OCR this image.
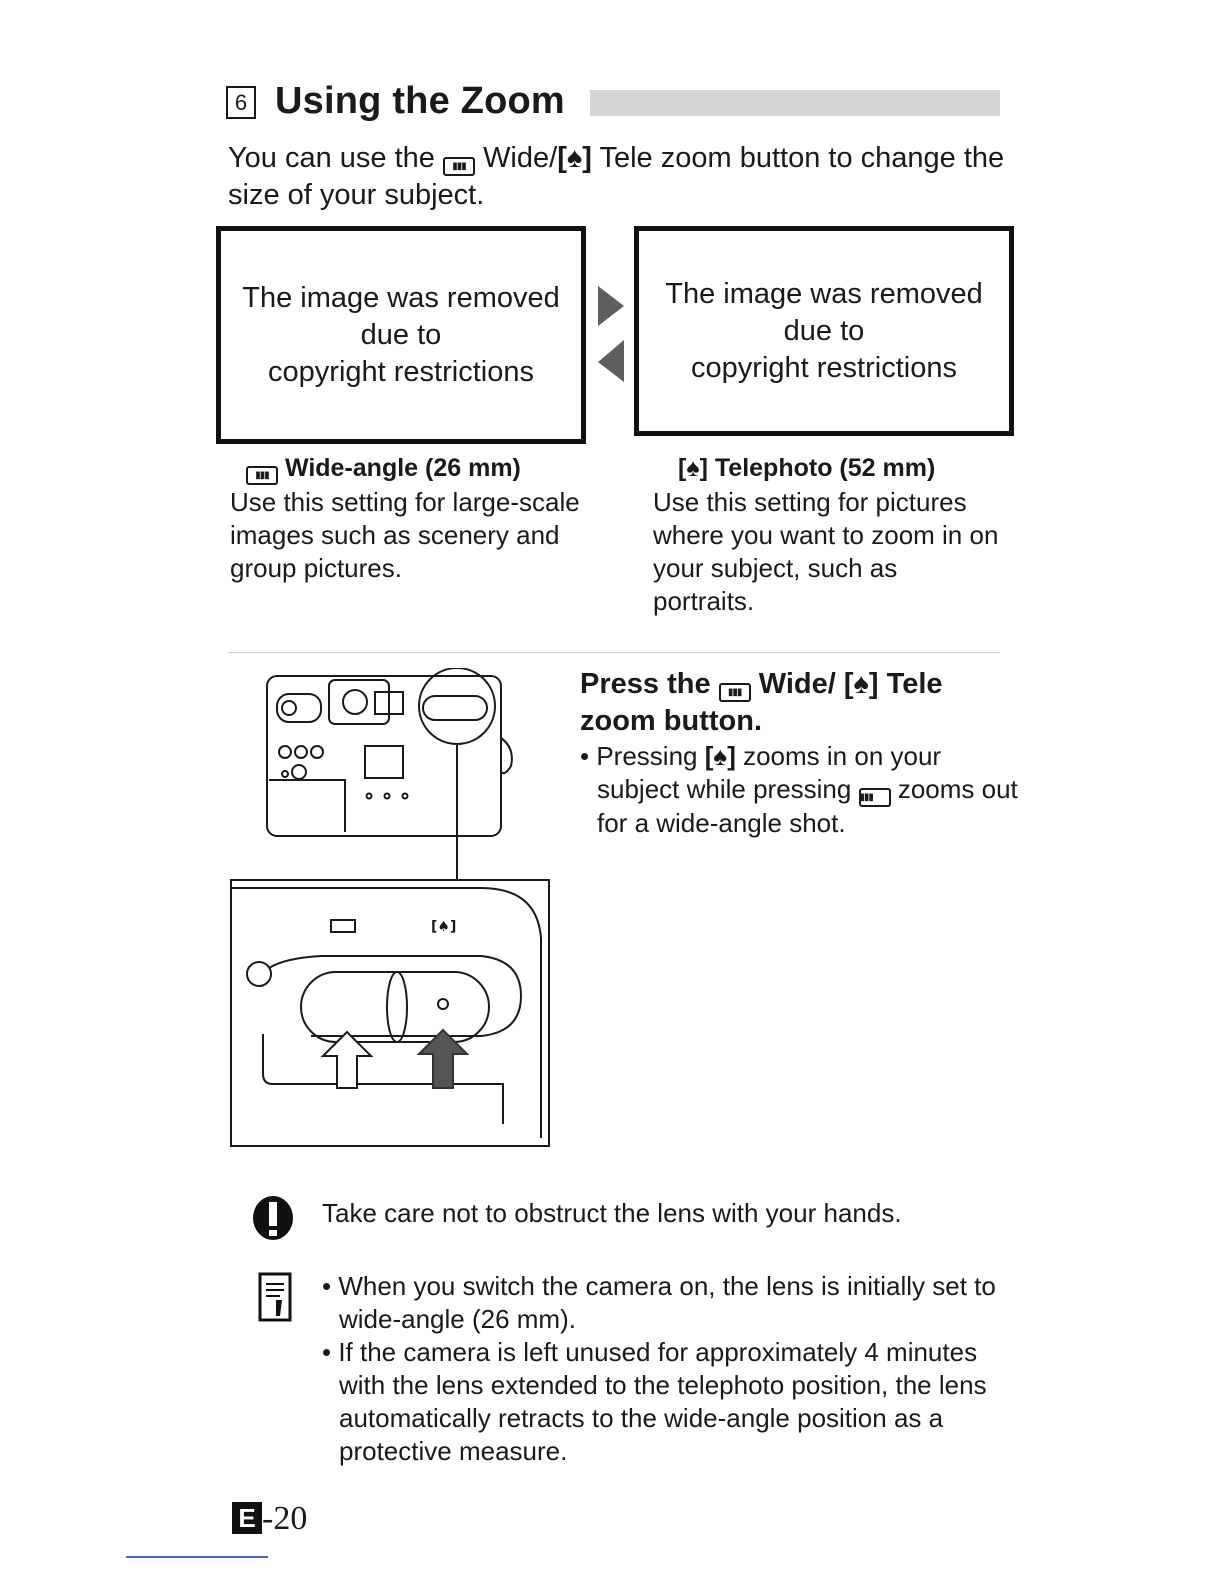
6 Using the Zoom
You can use the ▮▮▮ Wide/[♠] Tele zoom button to change the size of your subject.
The image was removed
due to
copyright restrictions
The image was removed
due to
copyright restrictions
▮▮▮ Wide-angle (26 mm)
Use this setting for large-scale images such as scenery and group pictures.
[♠] Telephoto (52 mm)
Use this setting for pictures where you want to zoom in on your subject, such as portraits.
[♠]
Press the ▮▮▮ Wide/ [♠] Tele zoom button.
• Pressing [♠] zooms in on your subject while pressing ▮▮▮ zooms out for a wide-angle shot.
Take care not to obstruct the lens with your hands.
• When you switch the camera on, the lens is initially set to wide-angle (26 mm).
• If the camera is left unused for approximately 4 minutes with the lens extended to the telephoto position, the lens automatically retracts to the wide-angle position as a protective measure.
E -20
